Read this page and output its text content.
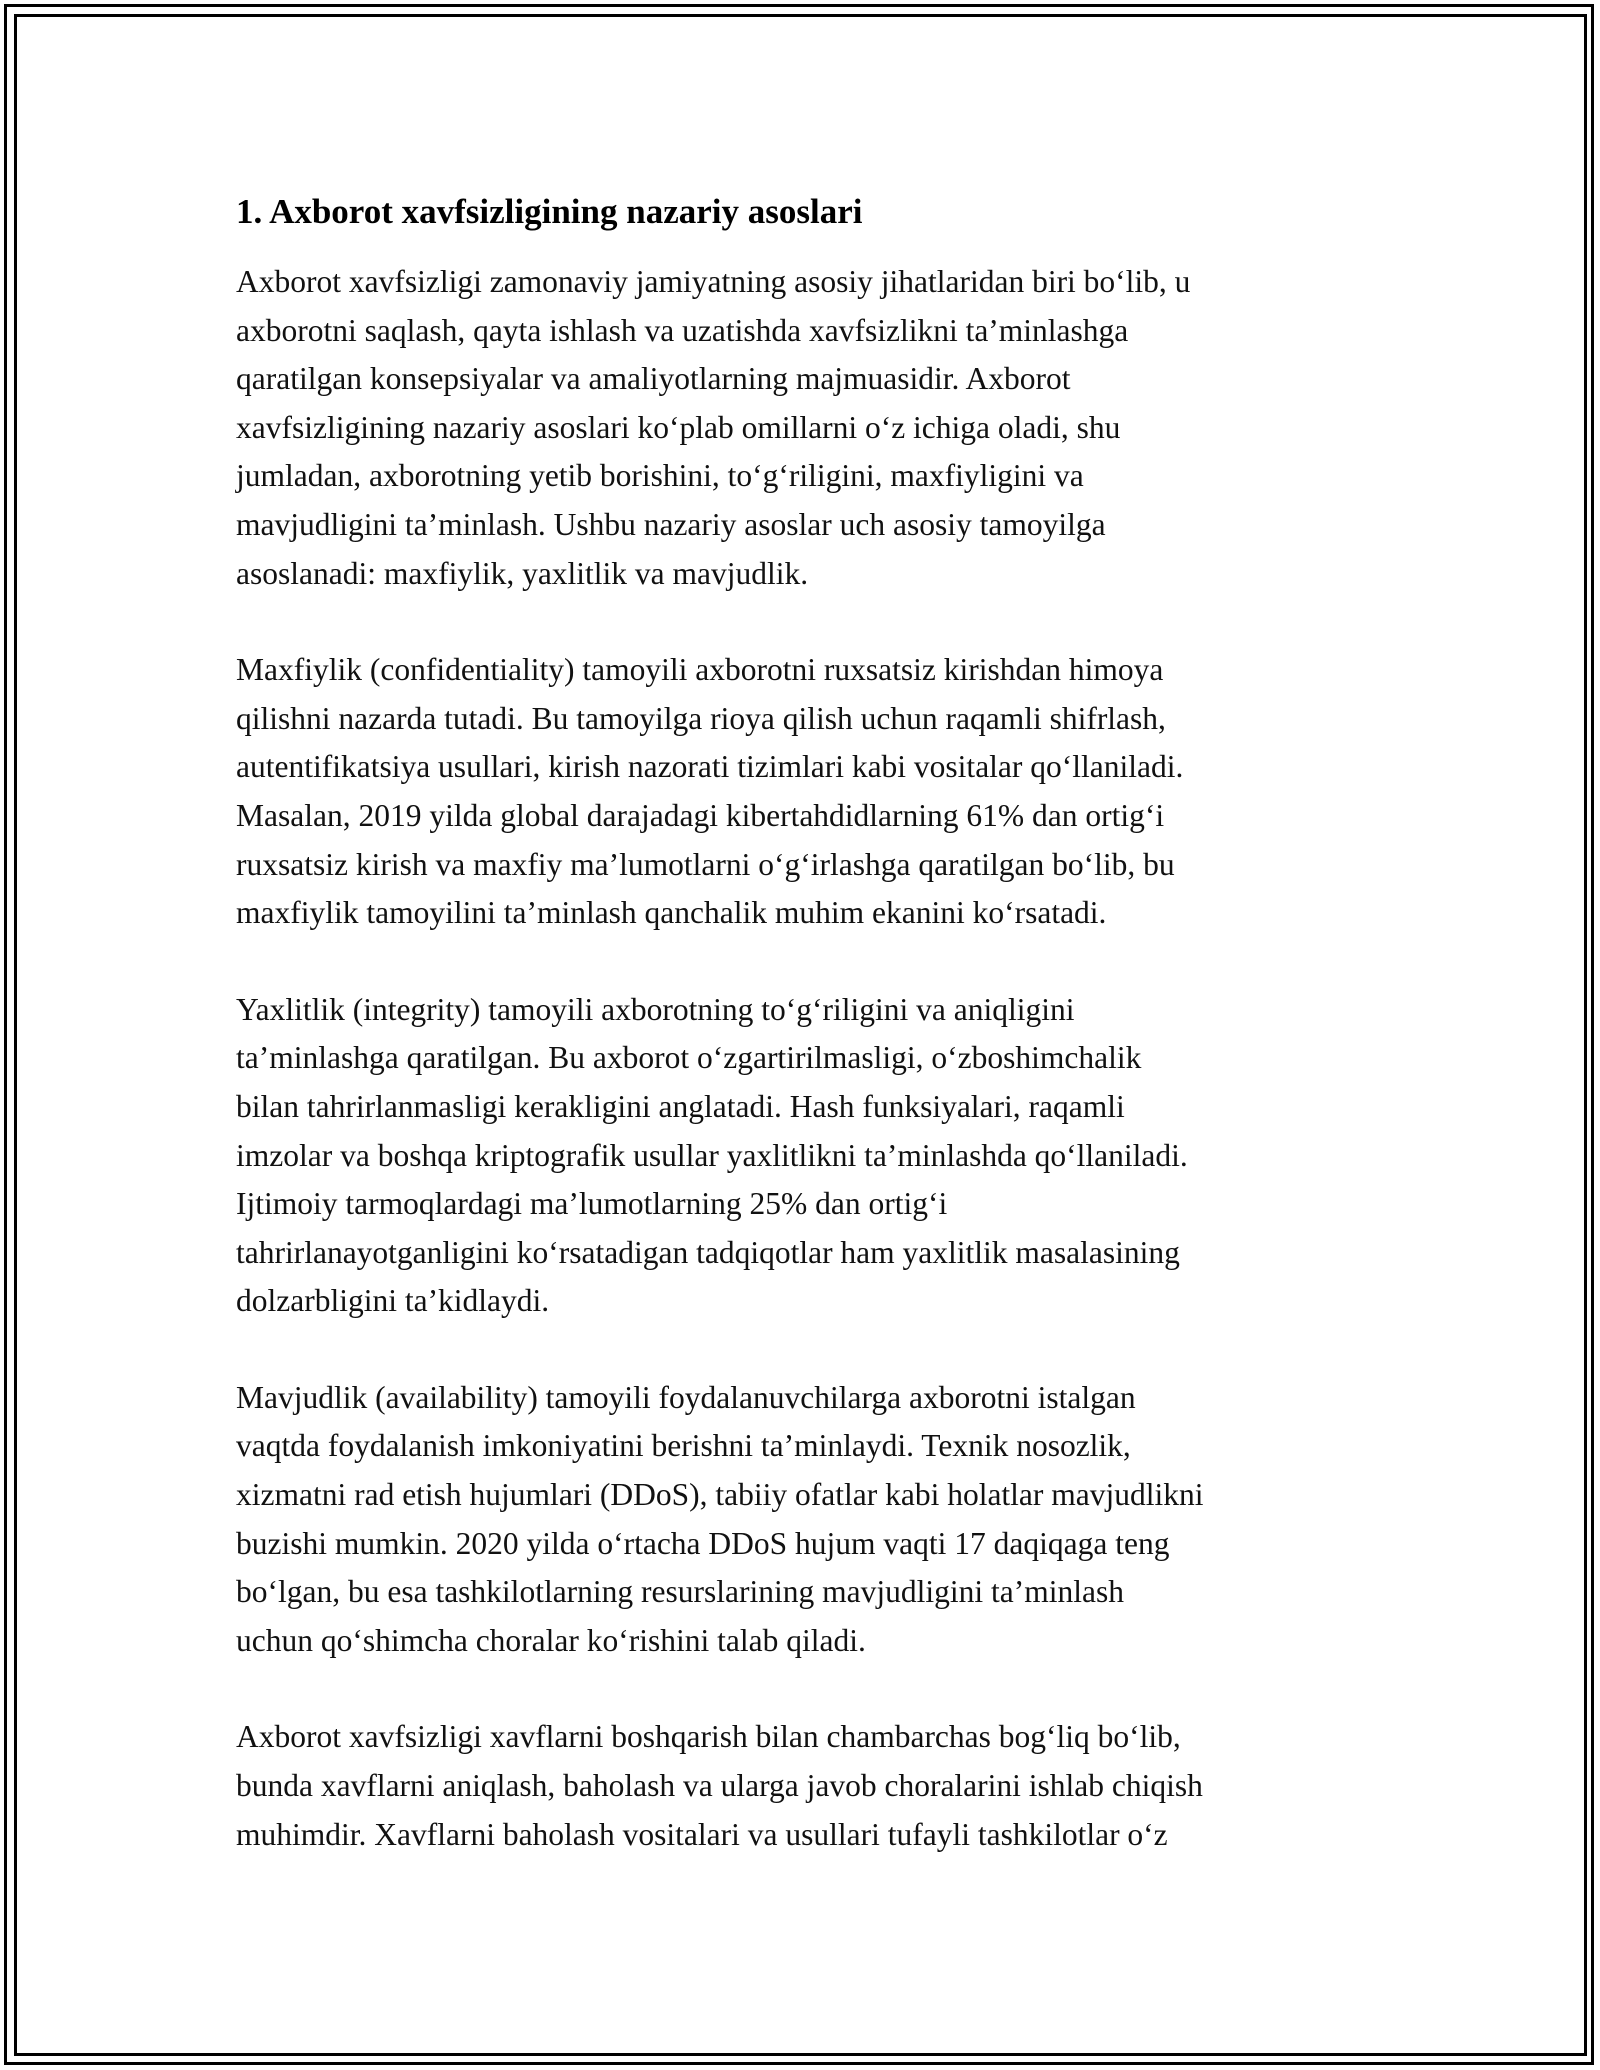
1. Axborot xavfsizligining nazariy asoslari

Axborot xavfsizligi zamonaviy jamiyatning asosiy jihatlaridan biri bo‘lib, u
axborotni saqlash, qayta ishlash va uzatishda xavfsizlikni ta’minlashga
qaratilgan konsepsiyalar va amaliyotlarning majmuasidir. Axborot
xavfsizligining nazariy asoslari ko‘plab omillarni o‘z ichiga oladi, shu
jumladan, axborotning yetib borishini, to‘g‘riligini, maxfiyligini va
mavjudligini ta’minlash. Ushbu nazariy asoslar uch asosiy tamoyilga
asoslanadi: maxfiylik, yaxlitlik va mavjudlik.

Maxfiylik (confidentiality) tamoyili axborotni ruxsatsiz kirishdan himoya
qilishni nazarda tutadi. Bu tamoyilga rioya qilish uchun raqamli shifrlash,
autentifikatsiya usullari, kirish nazorati tizimlari kabi vositalar qo‘llaniladi.
Masalan, 2019 yilda global darajadagi kibertahdidlarning 61% dan ortig‘i
ruxsatsiz kirish va maxfiy ma’lumotlarni o‘g‘irlashga qaratilgan bo‘lib, bu
maxfiylik tamoyilini ta’minlash qanchalik muhim ekanini ko‘rsatadi.

Yaxlitlik (integrity) tamoyili axborotning to‘g‘riligini va aniqligini
ta’minlashga qaratilgan. Bu axborot o‘zgartirilmasligi, o‘zboshimchalik
bilan tahrirlanmasligi kerakligini anglatadi. Hash funksiyalari, raqamli
imzolar va boshqa kriptografik usullar yaxlitlikni ta’minlashda qo‘llaniladi.
Ijtimoiy tarmoqlardagi ma’lumotlarning 25% dan ortig‘i
tahrirlanayotganligini ko‘rsatadigan tadqiqotlar ham yaxlitlik masalasining
dolzarbligini ta’kidlaydi.

Mavjudlik (availability) tamoyili foydalanuvchilarga axborotni istalgan
vaqtda foydalanish imkoniyatini berishni ta’minlaydi. Texnik nosozlik,
xizmatni rad etish hujumlari (DDoS), tabiiy ofatlar kabi holatlar mavjudlikni
buzishi mumkin. 2020 yilda o‘rtacha DDoS hujum vaqti 17 daqiqaga teng
bo‘lgan, bu esa tashkilotlarning resurslarining mavjudligini ta’minlash
uchun qo‘shimcha choralar ko‘rishini talab qiladi.

Axborot xavfsizligi xavflarni boshqarish bilan chambarchas bog‘liq bo‘lib,
bunda xavflarni aniqlash, baholash va ularga javob choralarini ishlab chiqish
muhimdir. Xavflarni baholash vositalari va usullari tufayli tashkilotlar o‘z
